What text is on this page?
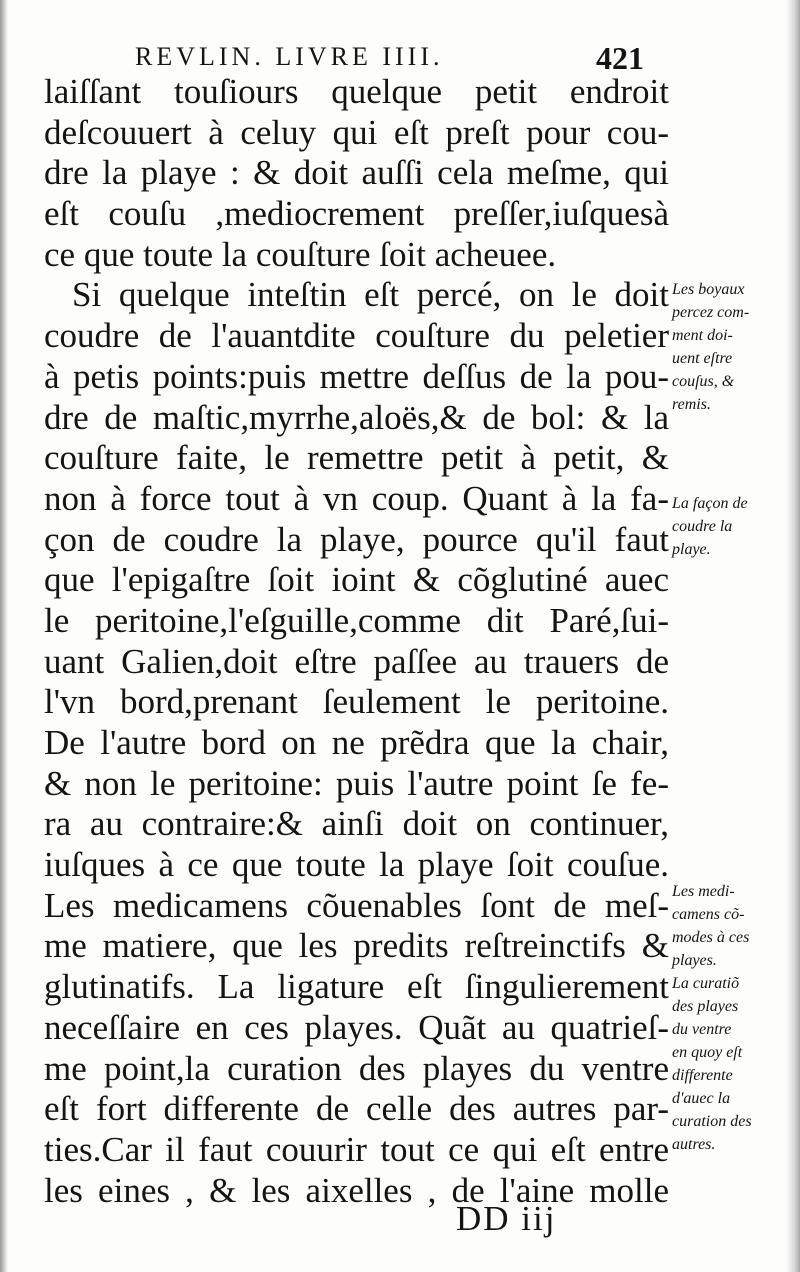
REVLIN. LIVRE IIII.	421
laiſſant touſiours quelque petit endroit
deſcouuert à celuy qui eſt preſt pour cou-
dre la playe : & doit auſſi cela meſme, qui
eſt couſu ,mediocrement preſſer,iuſquesà
ce que toute la couſture ſoit acheuee.
Si quelque inteſtin eſt percé, on le doit
coudre de l'auantdite couſture du peletier
à petis points:puis mettre deſſus de la pou-
dre de maſtic,myrrhe,aloës,& de bol: & la
couſture faite, le remettre petit à petit, &
non à force tout à vn coup. Quant à la fa-
çon de coudre la playe, pource qu'il faut
que l'epigaſtre ſoit ioint & cõglutiné auec
le peritoine,l'eſguille,comme dit Paré,ſui-
uant Galien,doit eſtre paſſee au trauers de
l'vn bord,prenant ſeulement le peritoine.
De l'autre bord on ne prẽdra que la chair,
& non le peritoine: puis l'autre point ſe fe-
ra au contraire:& ainſi doit on continuer,
iuſques à ce que toute la playe ſoit couſue.
Les medicamens cõuenables ſont de meſ-
me matiere, que les predits reſtreinctifs &
glutinatifs. La ligature eſt ſingulierement
neceſſaire en ces playes. Quãt au quatrieſ-
me point,la curation des playes du ventre
eſt fort differente de celle des autres par-
ties.Car il faut couurir tout ce qui eſt entre
les eines , & les aixelles , de l'aine molle
Les boyaux
percez com-
ment doi-
uent eſtre
couſus, &
remis.
La façon de
coudre la
playe.
Les medi-
camens cõ-
modes à ces
playes.
La curatiõ
des playes
du ventre
en quoy eſt
differente
d'auec la
curation des
autres.
DD iij
